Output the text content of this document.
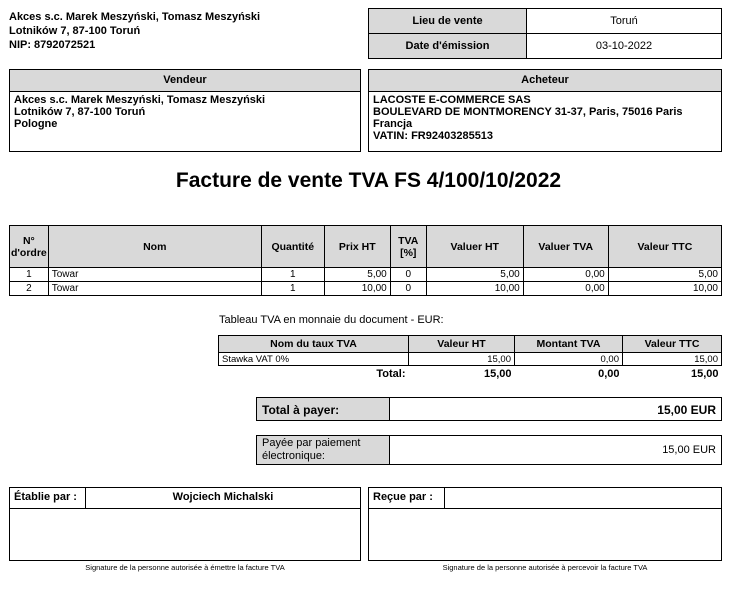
Akces s.c. Marek Meszyński, Tomasz Meszyński
Lotników 7, 87-100 Toruń
NIP: 8792072521
Lieu de vente	Toruń
Date d'émission	03-10-2022
Vendeur
Akces s.c. Marek Meszyński, Tomasz Meszyński
Lotników 7, 87-100 Toruń
Pologne
Acheteur
LACOSTE E-COMMERCE SAS
BOULEVARD DE MONTMORENCY 31-37, Paris, 75016 Paris
Francja
VATIN: FR92403285513
Facture de vente TVA FS 4/100/10/2022
N° d'ordre	Nom	Quantité	Prix HT	TVA [%]	Valuer HT	Valuer TVA	Valeur TTC
1	Towar	1	5,00	0	5,00	0,00	5,00
2	Towar	1	10,00	0	10,00	0,00	10,00
Tableau TVA en monnaie du document - EUR:
Nom du taux TVA	Valeur HT	Montant TVA	Valeur TTC
Stawka VAT 0%	15,00	0,00	15,00
Total:	15,00	0,00	15,00
Total à payer:	15,00 EUR
Payée par paiement électronique:	15,00 EUR
Établie par :	Wojciech Michalski
Signature de la personne autorisée à émettre la facture TVA
Reçue par :
Signature de la personne autorisée à percevoir la facture TVA
